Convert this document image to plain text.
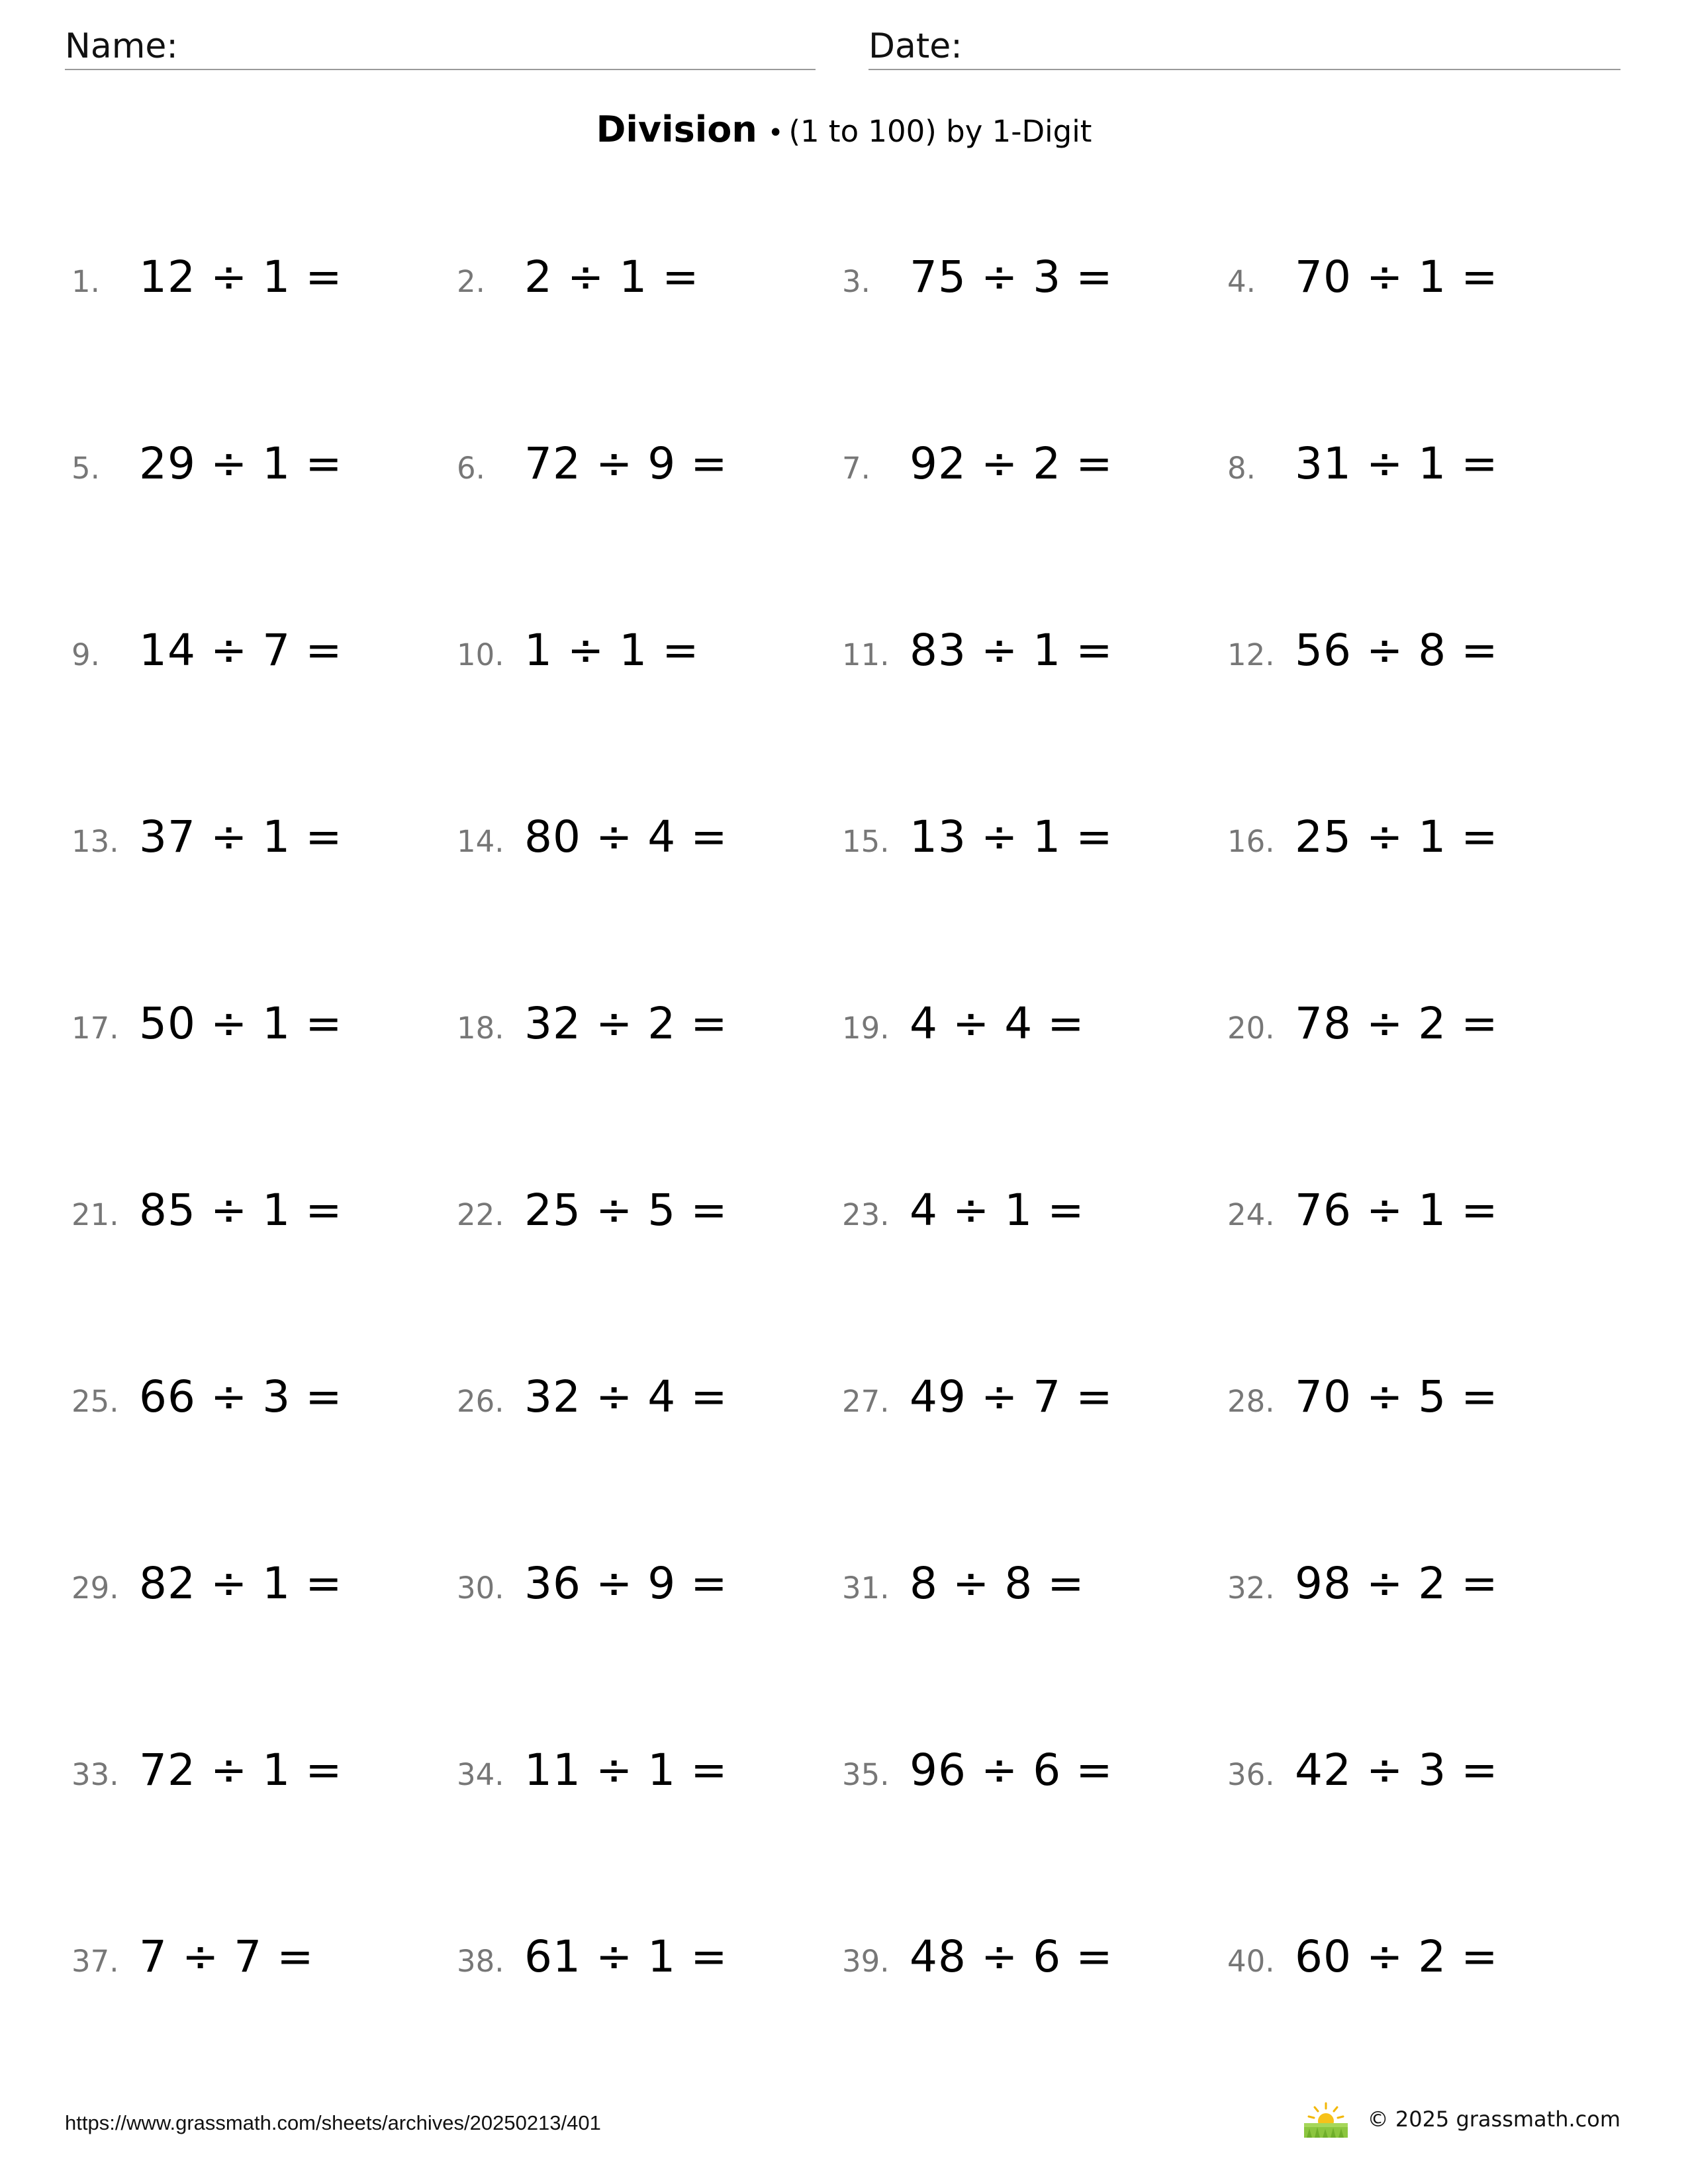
Name:	Date:
Division • (1 to 100) by 1-Digit
1. 12 ÷ 1 =	2. 2 ÷ 1 =	3. 75 ÷ 3 =	4. 70 ÷ 1 =
5. 29 ÷ 1 =	6. 72 ÷ 9 =	7. 92 ÷ 2 =	8. 31 ÷ 1 =
9. 14 ÷ 7 =	10. 1 ÷ 1 =	11. 83 ÷ 1 =	12. 56 ÷ 8 =
13. 37 ÷ 1 =	14. 80 ÷ 4 =	15. 13 ÷ 1 =	16. 25 ÷ 1 =
17. 50 ÷ 1 =	18. 32 ÷ 2 =	19. 4 ÷ 4 =	20. 78 ÷ 2 =
21. 85 ÷ 1 =	22. 25 ÷ 5 =	23. 4 ÷ 1 =	24. 76 ÷ 1 =
25. 66 ÷ 3 =	26. 32 ÷ 4 =	27. 49 ÷ 7 =	28. 70 ÷ 5 =
29. 82 ÷ 1 =	30. 36 ÷ 9 =	31. 8 ÷ 8 =	32. 98 ÷ 2 =
33. 72 ÷ 1 =	34. 11 ÷ 1 =	35. 96 ÷ 6 =	36. 42 ÷ 3 =
37. 7 ÷ 7 =	38. 61 ÷ 1 =	39. 48 ÷ 6 =	40. 60 ÷ 2 =
https://www.grassmath.com/sheets/archives/20250213/401	© 2025 grassmath.com
